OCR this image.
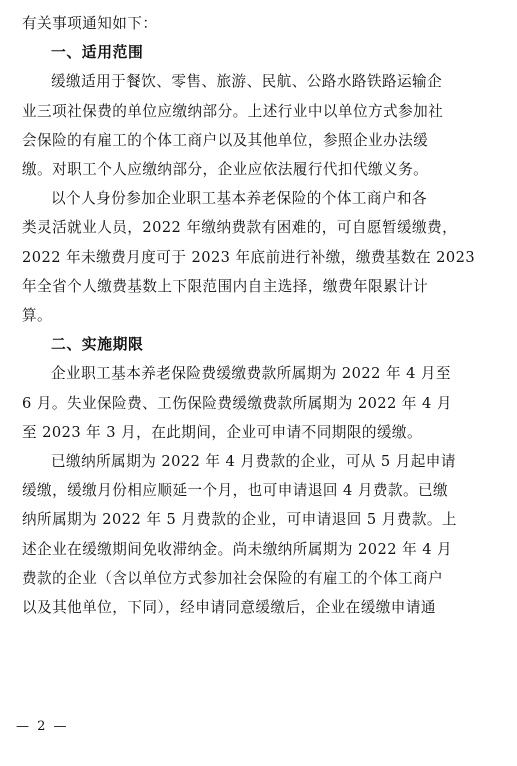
有关事项通知如下：
一、适用范围
缓缴适用于餐饮、零售、旅游、民航、公路水路铁路运输企
业三项社保费的单位应缴纳部分。上述行业中以单位方式参加社
会保险的有雇工的个体工商户以及其他单位，参照企业办法缓
缴。对职工个人应缴纳部分，企业应依法履行代扣代缴义务。
以个人身份参加企业职工基本养老保险的个体工商户和各
类灵活就业人员，2022 年缴纳费款有困难的，可自愿暂缓缴费，
2022 年未缴费月度可于 2023 年底前进行补缴，缴费基数在 2023
年全省个人缴费基数上下限范围内自主选择，缴费年限累计计
算。
二、实施期限
企业职工基本养老保险费缓缴费款所属期为 2022 年 4 月至
6 月。失业保险费、工伤保险费缓缴费款所属期为 2022 年 4 月
至 2023 年 3 月，在此期间，企业可申请不同期限的缓缴。
已缴纳所属期为 2022 年 4 月费款的企业，可从 5 月起申请
缓缴，缓缴月份相应顺延一个月，也可申请退回 4 月费款。已缴
纳所属期为 2022 年 5 月费款的企业，可申请退回 5 月费款。上
述企业在缓缴期间免收滞纳金。尚未缴纳所属期为 2022 年 4 月
费款的企业（含以单位方式参加社会保险的有雇工的个体工商户
以及其他单位，下同），经申请同意缓缴后，企业在缓缴申请通
— 2 —
